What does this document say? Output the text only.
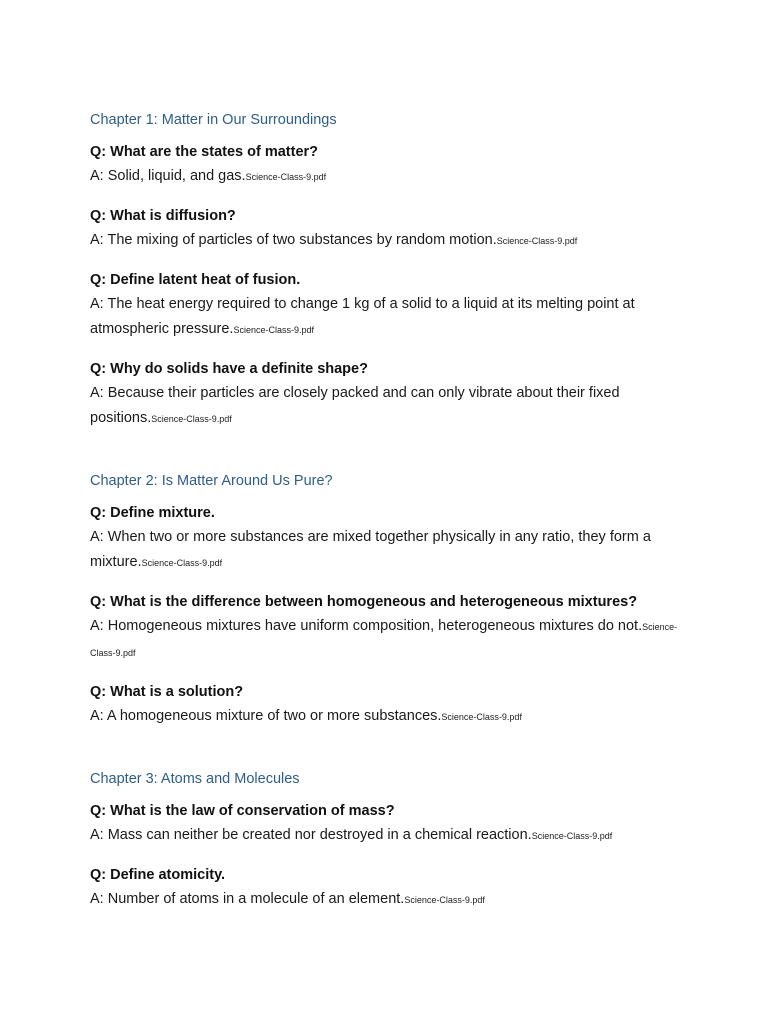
Chapter 1: Matter in Our Surroundings
Q: What are the states of matter?
A: Solid, liquid, and gas.Science-Class-9.pdf
Q: What is diffusion?
A: The mixing of particles of two substances by random motion.Science-Class-9.pdf
Q: Define latent heat of fusion.
A: The heat energy required to change 1 kg of a solid to a liquid at its melting point at atmospheric pressure.Science-Class-9.pdf
Q: Why do solids have a definite shape?
A: Because their particles are closely packed and can only vibrate about their fixed positions.Science-Class-9.pdf
Chapter 2: Is Matter Around Us Pure?
Q: Define mixture.
A: When two or more substances are mixed together physically in any ratio, they form a mixture.Science-Class-9.pdf
Q: What is the difference between homogeneous and heterogeneous mixtures?
A: Homogeneous mixtures have uniform composition, heterogeneous mixtures do not.Science-Class-9.pdf
Q: What is a solution?
A: A homogeneous mixture of two or more substances.Science-Class-9.pdf
Chapter 3: Atoms and Molecules
Q: What is the law of conservation of mass?
A: Mass can neither be created nor destroyed in a chemical reaction.Science-Class-9.pdf
Q: Define atomicity.
A: Number of atoms in a molecule of an element.Science-Class-9.pdf
